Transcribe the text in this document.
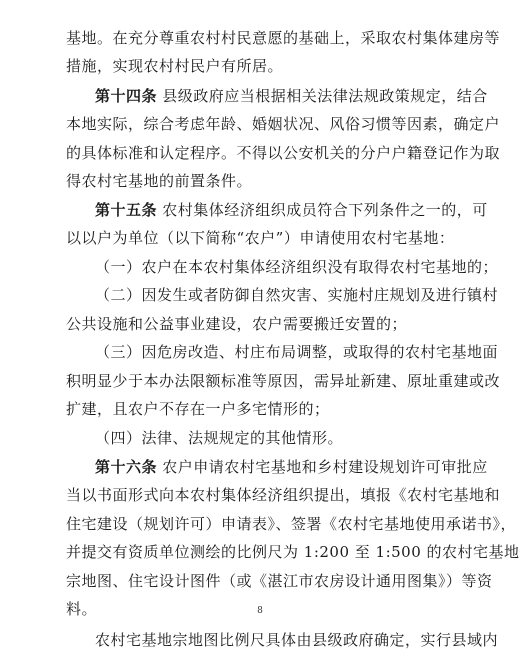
基地。在充分尊重农村村民意愿的基础上，采取农村集体建房等
措施，实现农村村民户有所居。
第十四条 县级政府应当根据相关法律法规政策规定，结合
本地实际，综合考虑年龄、婚姻状况、风俗习惯等因素，确定户
的具体标准和认定程序。不得以公安机关的分户户籍登记作为取
得农村宅基地的前置条件。
第十五条 农村集体经济组织成员符合下列条件之一的，可
以以户为单位（以下简称“农户”）申请使用农村宅基地：
（一）农户在本农村集体经济组织没有取得农村宅基地的；
（二）因发生或者防御自然灾害、实施村庄规划及进行镇村
公共设施和公益事业建设，农户需要搬迁安置的；
（三）因危房改造、村庄布局调整，或取得的农村宅基地面
积明显少于本办法限额标准等原因，需异址新建、原址重建或改
扩建，且农户不存在一户多宅情形的；
（四）法律、法规规定的其他情形。
第十六条 农户申请农村宅基地和乡村建设规划许可审批应
当以书面形式向本农村集体经济组织提出，填报《农村宅基地和
住宅建设（规划许可）申请表》、签署《农村宅基地使用承诺书》，
并提交有资质单位测绘的比例尺为 1:200 至 1:500 的农村宅基地
宗地图、住宅设计图件（或《湛江市农房设计通用图集》）等资
料。
农村宅基地宗地图比例尺具体由县级政府确定，实行县域内
8
